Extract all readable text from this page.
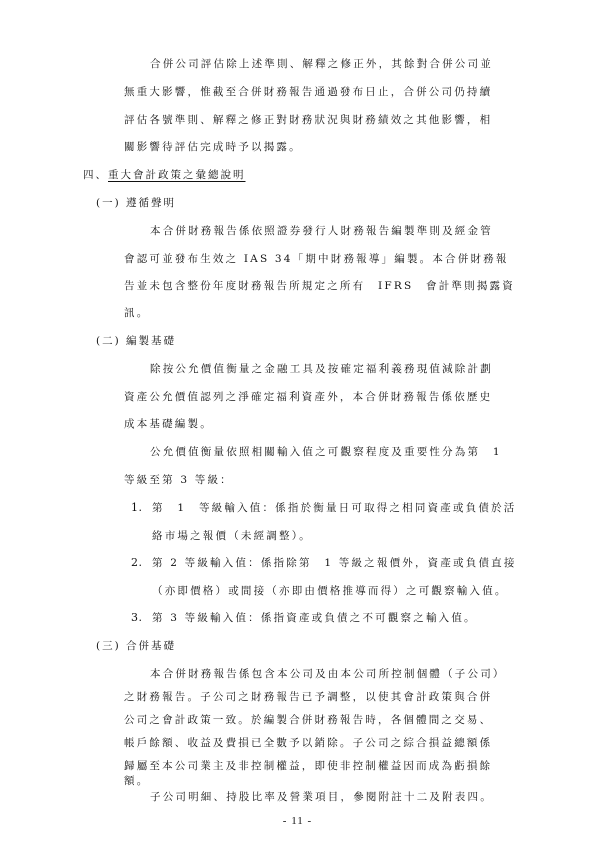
合併公司評估除上述準則、解釋之修正外，其餘對合併公司並
無重大影響，惟截至合併財務報告通過發布日止，合併公司仍持續
評估各號準則、解釋之修正對財務狀況與財務績效之其他影響，相
關影響待評估完成時予以揭露。
四、重大會計政策之彙總說明
(一) 遵循聲明
本合併財務報告係依照證券發行人財務報告編製準則及經金管
會認可並發布生效之 IAS 34「期中財務報導」編製。本合併財務報
告並未包含整份年度財務報告所規定之所有　IFRS　會計準則揭露資
訊。
(二) 編製基礎
除按公允價值衡量之金融工具及按確定福利義務現值減除計劃
資產公允價值認列之淨確定福利資產外，本合併財務報告係依歷史
成本基礎編製。
公允價值衡量依照相關輸入值之可觀察程度及重要性分為第　1
等級至第 3 等級：
1. 第　1　等級輸入值：係指於衡量日可取得之相同資產或負債於活
絡市場之報價（未經調整）。
2. 第 2 等級輸入值：係指除第　1 等級之報價外，資產或負債直接
（亦即價格）或間接（亦即由價格推導而得）之可觀察輸入值。
3. 第 3 等級輸入值：係指資產或負債之不可觀察之輸入值。
(三) 合併基礎
本合併財務報告係包含本公司及由本公司所控制個體（子公司）
之財務報告。子公司之財務報告已予調整，以使其會計政策與合併
公司之會計政策一致。於編製合併財務報告時，各個體間之交易、
帳戶餘額、收益及費損已全數予以銷除。子公司之綜合損益總額係
歸屬至本公司業主及非控制權益，即使非控制權益因而成為虧損餘
- 11 -
額。
子公司明細、持股比率及營業項目，參閱附註十二及附表四。
